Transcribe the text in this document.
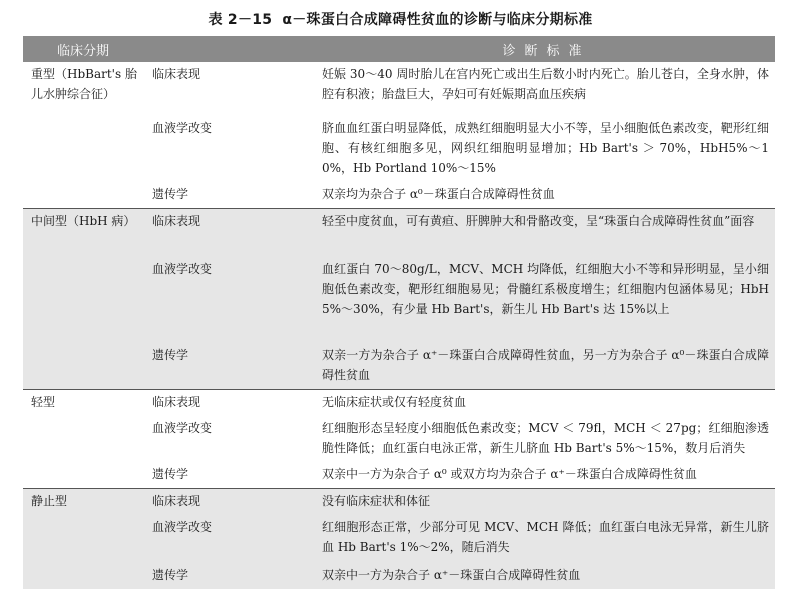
表 2－15 α－珠蛋白合成障碍性贫血的诊断与临床分期标准
临床分期		诊断标准
重型（HbBart's 胎儿水肿综合征）	临床表现	妊娠 30～40 周时胎儿在宫内死亡或出生后数小时内死亡。胎儿苍白，全身水肿，体腔有积液；胎盘巨大，孕妇可有妊娠期高血压疾病
	血液学改变	脐血血红蛋白明显降低，成熟红细胞明显大小不等，呈小细胞低色素改变，靶形红细胞、有核红细胞多见，网织红细胞明显增加；Hb Bart's ＞ 70%，HbH5%～10%，Hb Portland 10%～15%
	遗传学	双亲均为杂合子 α⁰－珠蛋白合成障碍性贫血
中间型（HbH 病）	临床表现	轻至中度贫血，可有黄疸、肝脾肿大和骨骼改变，呈“珠蛋白合成障碍性贫血”面容
	血液学改变	血红蛋白 70～80g/L，MCV、MCH 均降低，红细胞大小不等和异形明显，呈小细胞低色素改变，靶形红细胞易见；骨髓红系极度增生；红细胞内包涵体易见；HbH 5%～30%，有少量 Hb Bart's，新生儿 Hb Bart's 达 15%以上
	遗传学	双亲一方为杂合子 α⁺－珠蛋白合成障碍性贫血，另一方为杂合子 α⁰－珠蛋白合成障碍性贫血
轻型	临床表现	无临床症状或仅有轻度贫血
	血液学改变	红细胞形态呈轻度小细胞低色素改变；MCV ＜ 79fl，MCH ＜ 27pg；红细胞渗透脆性降低；血红蛋白电泳正常，新生儿脐血 Hb Bart's 5%～15%，数月后消失
	遗传学	双亲中一方为杂合子 α⁰ 或双方均为杂合子 α⁺－珠蛋白合成障碍性贫血
静止型	临床表现	没有临床症状和体征
	血液学改变	红细胞形态正常，少部分可见 MCV、MCH 降低；血红蛋白电泳无异常，新生儿脐血 Hb Bart's 1%～2%，随后消失
	遗传学	双亲中一方为杂合子 α⁺－珠蛋白合成障碍性贫血
